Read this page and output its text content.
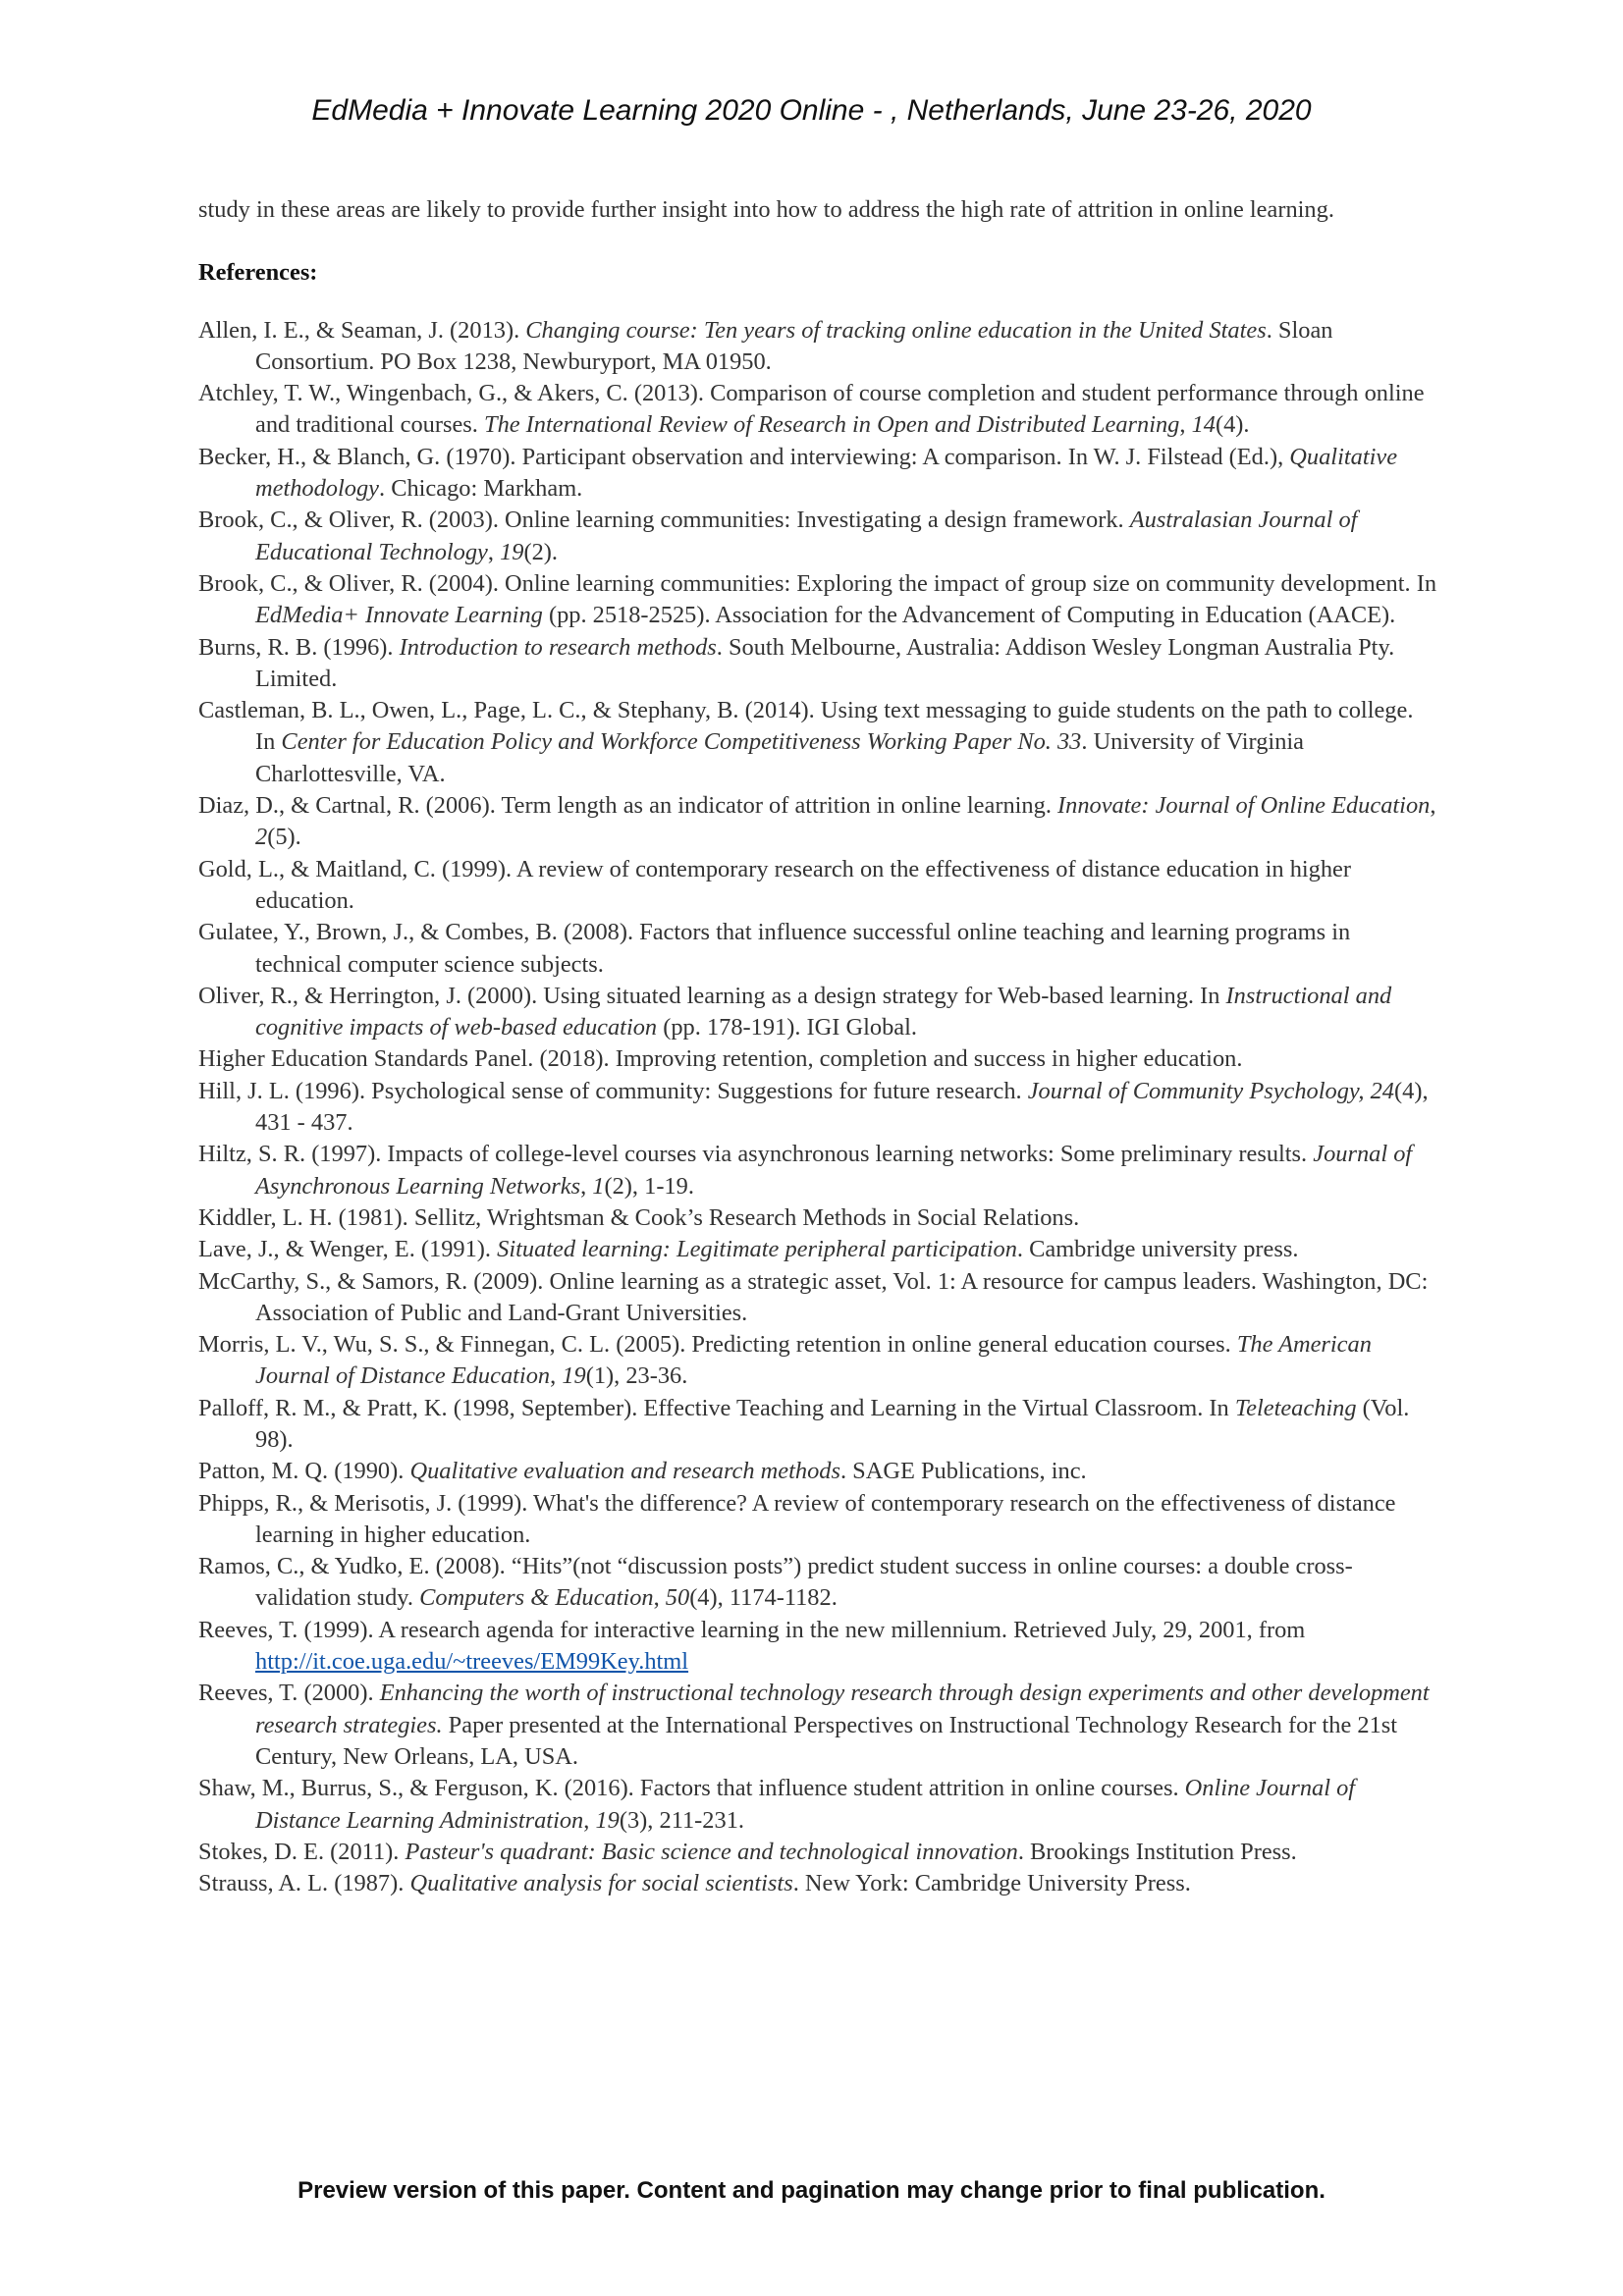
EdMedia + Innovate Learning 2020 Online - , Netherlands, June 23-26, 2020

study in these areas are likely to provide further insight into how to address the high rate of attrition in online learning.

References:

Allen, I. E., & Seaman, J. (2013). Changing course: Ten years of tracking online education in the United States. Sloan Consortium. PO Box 1238, Newburyport, MA 01950.

Atchley, T. W., Wingenbach, G., & Akers, C. (2013). Comparison of course completion and student performance through online and traditional courses. The International Review of Research in Open and Distributed Learning, 14(4).

Becker, H., & Blanch, G. (1970). Participant observation and interviewing: A comparison. In W. J. Filstead (Ed.), Qualitative methodology. Chicago: Markham.

Brook, C., & Oliver, R. (2003). Online learning communities: Investigating a design framework. Australasian Journal of Educational Technology, 19(2).

Brook, C., & Oliver, R. (2004). Online learning communities: Exploring the impact of group size on community development. In EdMedia+ Innovate Learning (pp. 2518-2525). Association for the Advancement of Computing in Education (AACE).

Burns, R. B. (1996). Introduction to research methods. South Melbourne, Australia: Addison Wesley Longman Australia Pty. Limited.

Castleman, B. L., Owen, L., Page, L. C., & Stephany, B. (2014). Using text messaging to guide students on the path to college. In Center for Education Policy and Workforce Competitiveness Working Paper No. 33. University of Virginia Charlottesville, VA.

Diaz, D., & Cartnal, R. (2006). Term length as an indicator of attrition in online learning. Innovate: Journal of Online Education, 2(5).

Gold, L., & Maitland, C. (1999). A review of contemporary research on the effectiveness of distance education in higher education.

Gulatee, Y., Brown, J., & Combes, B. (2008). Factors that influence successful online teaching and learning programs in technical computer science subjects.

Oliver, R., & Herrington, J. (2000). Using situated learning as a design strategy for Web-based learning. In Instructional and cognitive impacts of web-based education (pp. 178-191). IGI Global.

Higher Education Standards Panel. (2018). Improving retention, completion and success in higher education.

Hill, J. L. (1996). Psychological sense of community: Suggestions for future research. Journal of Community Psychology, 24(4), 431 - 437.

Hiltz, S. R. (1997). Impacts of college-level courses via asynchronous learning networks: Some preliminary results. Journal of Asynchronous Learning Networks, 1(2), 1-19.

Kiddler, L. H. (1981). Sellitz, Wrightsman & Cook’s Research Methods in Social Relations.

Lave, J., & Wenger, E. (1991). Situated learning: Legitimate peripheral participation. Cambridge university press.

McCarthy, S., & Samors, R. (2009). Online learning as a strategic asset, Vol. 1: A resource for campus leaders. Washington, DC: Association of Public and Land-Grant Universities.

Morris, L. V., Wu, S. S., & Finnegan, C. L. (2005). Predicting retention in online general education courses. The American Journal of Distance Education, 19(1), 23-36.

Palloff, R. M., & Pratt, K. (1998, September). Effective Teaching and Learning in the Virtual Classroom. In Teleteaching (Vol. 98).

Patton, M. Q. (1990). Qualitative evaluation and research methods. SAGE Publications, inc.

Phipps, R., & Merisotis, J. (1999). What's the difference? A review of contemporary research on the effectiveness of distance learning in higher education.

Ramos, C., & Yudko, E. (2008). “Hits”(not “discussion posts”) predict student success in online courses: a double cross-validation study. Computers & Education, 50(4), 1174-1182.

Reeves, T. (1999). A research agenda for interactive learning in the new millennium. Retrieved July, 29, 2001, from http://it.coe.uga.edu/~treeves/EM99Key.html

Reeves, T. (2000). Enhancing the worth of instructional technology research through design experiments and other development research strategies. Paper presented at the International Perspectives on Instructional Technology Research for the 21st Century, New Orleans, LA, USA.

Shaw, M., Burrus, S., & Ferguson, K. (2016). Factors that influence student attrition in online courses. Online Journal of Distance Learning Administration, 19(3), 211-231.

Stokes, D. E. (2011). Pasteur's quadrant: Basic science and technological innovation. Brookings Institution Press.

Strauss, A. L. (1987). Qualitative analysis for social scientists. New York: Cambridge University Press.

Preview version of this paper. Content and pagination may change prior to final publication.
